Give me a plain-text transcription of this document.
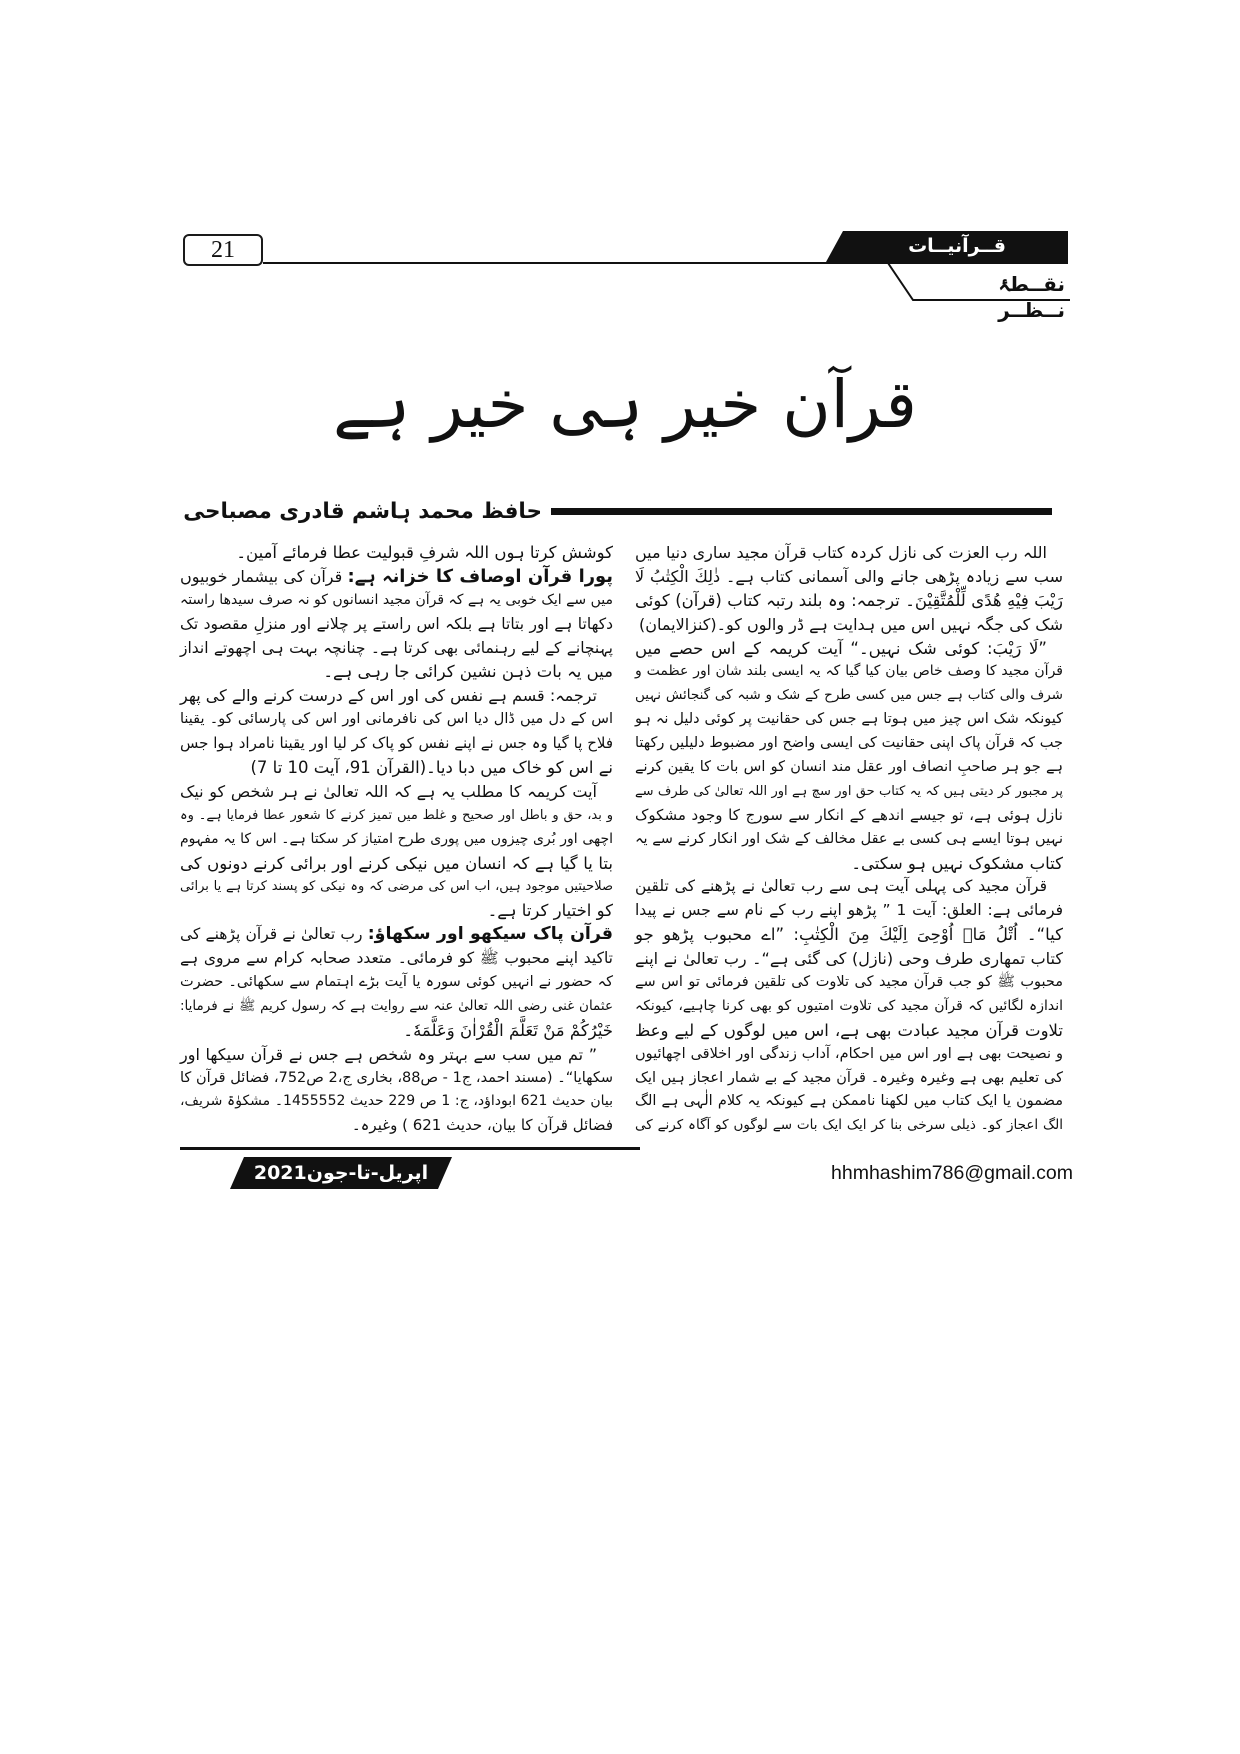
21	قــرآنیــات
نقــطۂ نــظــر
قرآن خیر ہی خیر ہے
حافظ محمد ہاشم قادری مصباحی
اللہ رب العزت کی نازل کردہ کتاب قرآن مجید ساری دنیا میں
سب سے زیادہ پڑھی جانے والی آسمانی کتاب ہے۔ ذٰلِكَ الْكِتٰبُ لَا
رَيْبَ فِيْهِ هُدًى لِّلْمُتَّقِيْنَ۔ ترجمہ: وہ بلند رتبہ کتاب (قرآن) کوئی
شک کی جگہ نہیں اس میں ہدایت ہے ڈر والوں کو۔(کنزالایمان)
”لَا رَیْبَ: کوئی شک نہیں۔“ آیت کریمہ کے اس حصے میں
قرآن مجید کا وصف خاص بیان کیا گیا کہ یہ ایسی بلند شان اور عظمت و
شرف والی کتاب ہے جس میں کسی طرح کے شک و شبہ کی گنجائش نہیں
کیونکہ شک اس چیز میں ہوتا ہے جس کی حقانیت پر کوئی دلیل نہ ہو
جب کہ قرآن پاک اپنی حقانیت کی ایسی واضح اور مضبوط دلیلیں رکھتا
ہے جو ہر صاحبِ انصاف اور عقل مند انسان کو اس بات کا یقین کرنے
پر مجبور کر دیتی ہیں کہ یہ کتاب حق اور سچ ہے اور اللہ تعالیٰ کی طرف سے
نازل ہوئی ہے، تو جیسے اندھے کے انکار سے سورج کا وجود مشکوک
نہیں ہوتا ایسے ہی کسی بے عقل مخالف کے شک اور انکار کرنے سے یہ
کتاب مشکوک نہیں ہو سکتی۔
قرآن مجید کی پہلی آیت ہی سے رب تعالیٰ نے پڑھنے کی تلقین
فرمائی ہے: العلق: آیت 1 ” پڑھو اپنے رب کے نام سے جس نے پیدا
کیا“۔ اُتْلُ مَاۤ اُوْحِیَ اِلَیْكَ مِنَ الْكِتٰبِ: ”اے محبوب پڑھو جو
کتاب تمھاری طرف وحی (نازل) کی گئی ہے“۔ رب تعالیٰ نے اپنے
محبوب ﷺ کو جب قرآن مجید کی تلاوت کی تلقین فرمائی تو اس سے
اندازہ لگائیں کہ قرآن مجید کی تلاوت امتیوں کو بھی کرنا چاہیے، کیونکہ
تلاوت قرآن مجید عبادت بھی ہے، اس میں لوگوں کے لیے وعظ
و نصیحت بھی ہے اور اس میں احکام، آداب زندگی اور اخلاقی اچھائیوں
کی تعلیم بھی ہے وغیرہ وغیرہ۔ قرآن مجید کے بے شمار اعجاز ہیں ایک
مضمون یا ایک کتاب میں لکھنا ناممکن ہے کیونکہ یہ کلام الٰہی ہے الگ
الگ اعجاز کو۔ ذیلی سرخی بنا کر ایک ایک بات سے لوگوں کو آگاہ کرنے کی
کوشش کرتا ہوں اللہ شرفِ قبولیت عطا فرمائے آمین۔
پورا قرآن اوصاف کا خزانہ ہے: قرآن کی بیشمار خوبیوں
میں سے ایک خوبی یہ ہے کہ قرآن مجید انسانوں کو نہ صرف سیدھا راستہ
دکھاتا ہے اور بتاتا ہے بلکہ اس راستے پر چلانے اور منزلِ مقصود تک
پہنچانے کے لیے رہنمائی بھی کرتا ہے۔ چنانچہ بہت ہی اچھوتے انداز
میں یہ بات ذہن نشین کرائی جا رہی ہے۔
ترجمہ: قسم ہے نفس کی اور اس کے درست کرنے والے کی پھر
اس کے دل میں ڈال دیا اس کی نافرمانی اور اس کی پارسائی کو۔ یقینا
فلاح پا گیا وہ جس نے اپنے نفس کو پاک کر لیا اور یقینا نامراد ہوا جس
نے اس کو خاک میں دبا دیا۔(القرآن 91، آیت 10 تا 7)
آیت کریمہ کا مطلب یہ ہے کہ اللہ تعالیٰ نے ہر شخص کو نیک
و بد، حق و باطل اور صحیح و غلط میں تمیز کرنے کا شعور عطا فرمایا ہے۔ وہ
اچھی اور بُری چیزوں میں پوری طرح امتیاز کر سکتا ہے۔ اس کا یہ مفہوم
بتا یا گیا ہے کہ انسان میں نیکی کرنے اور برائی کرنے دونوں کی
صلاحیتیں موجود ہیں، اب اس کی مرضی کہ وہ نیکی کو پسند کرتا ہے یا برائی
کو اختیار کرتا ہے۔
قرآن پاک سیکھو اور سکھاؤ: رب تعالیٰ نے قرآن پڑھنے کی
تاکید اپنے محبوب ﷺ کو فرمائی۔ متعدد صحابہ کرام سے مروی ہے
کہ حضور نے انہیں کوئی سورہ یا آیت بڑے اہتمام سے سکھائی۔ حضرت
عثمان غنی رضی اللہ تعالیٰ عنہ سے روایت ہے کہ رسول کریم ﷺ نے فرمایا:
خَيْرُكُمْ مَنْ تَعَلَّمَ الْقُرْاٰنَ وَعَلَّمَهٗ۔
” تم میں سب سے بہتر وہ شخص ہے جس نے قرآن سیکھا اور
سکھایا“۔ (مسند احمد، ج1 - ص88، بخاری ج،2 ص752، فضائل قرآن کا
بیان حدیث 621 ابوداؤد، ج: 1 ص 229 حدیث 1455552۔ مشکوٰۃ شریف،
فضائل قرآن کا بیان، حدیث 621 ) وغیرہ۔
اپریل-تا-جون2021	hhmhashim786@gmail.com
